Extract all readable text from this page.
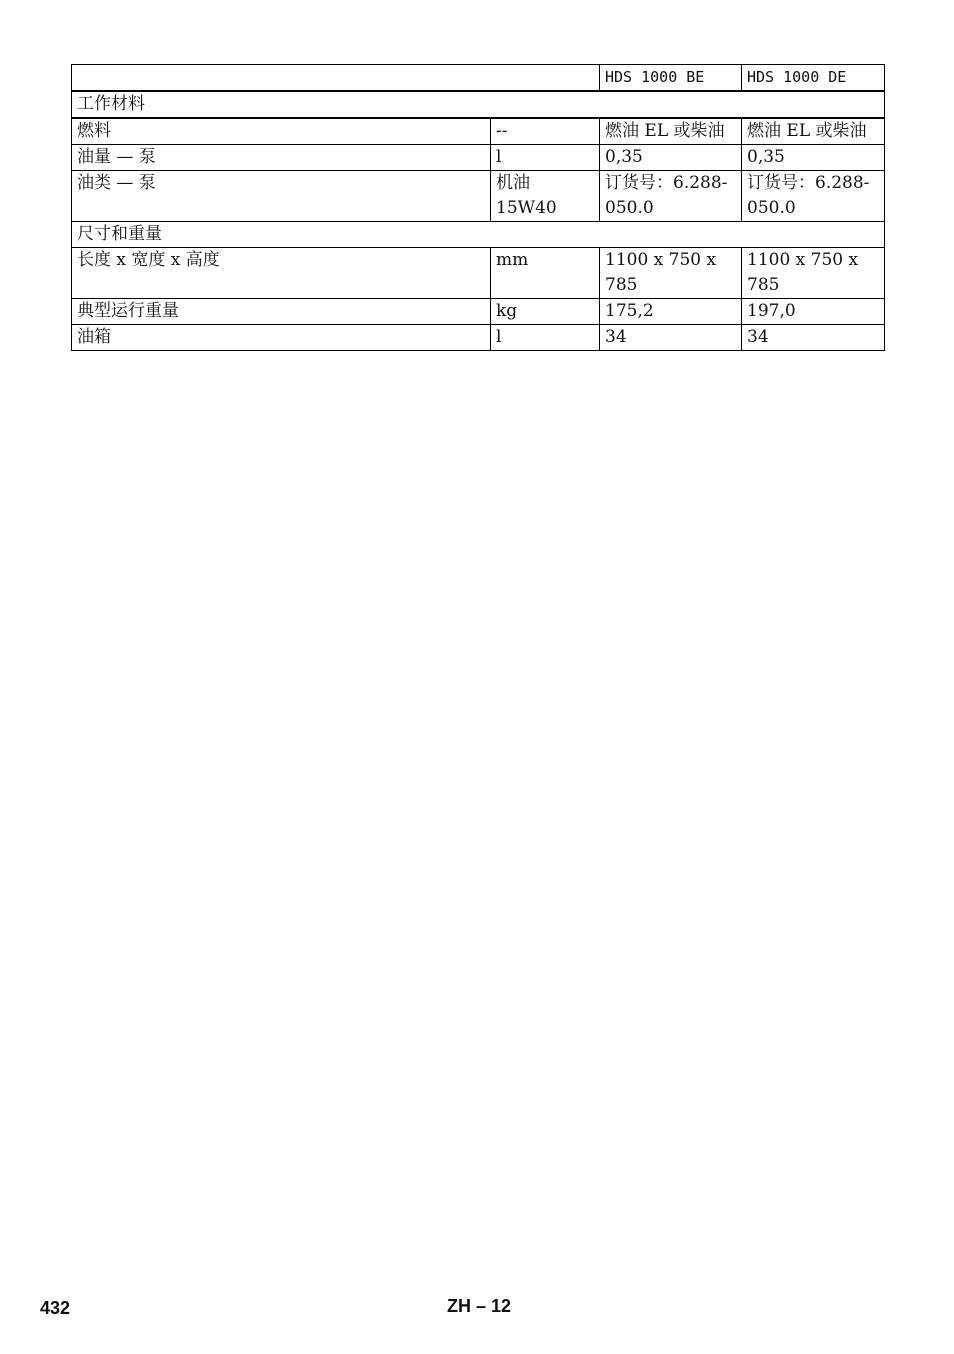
		HDS 1000 BE	HDS 1000 DE
工作材料			
燃料	--	燃油 EL 或柴油	燃油 EL 或柴油
油量 — 泵	l	0,35	0,35
油类 — 泵	机油 15W40	订货号：6.288-050.0	订货号：6.288-050.0
尺寸和重量			
长度 x 宽度 x 高度	mm	1100 x 750 x 785	1100 x 750 x 785
典型运行重量	kg	175,2	197,0
油箱	l	34	34
432	ZH – 12
